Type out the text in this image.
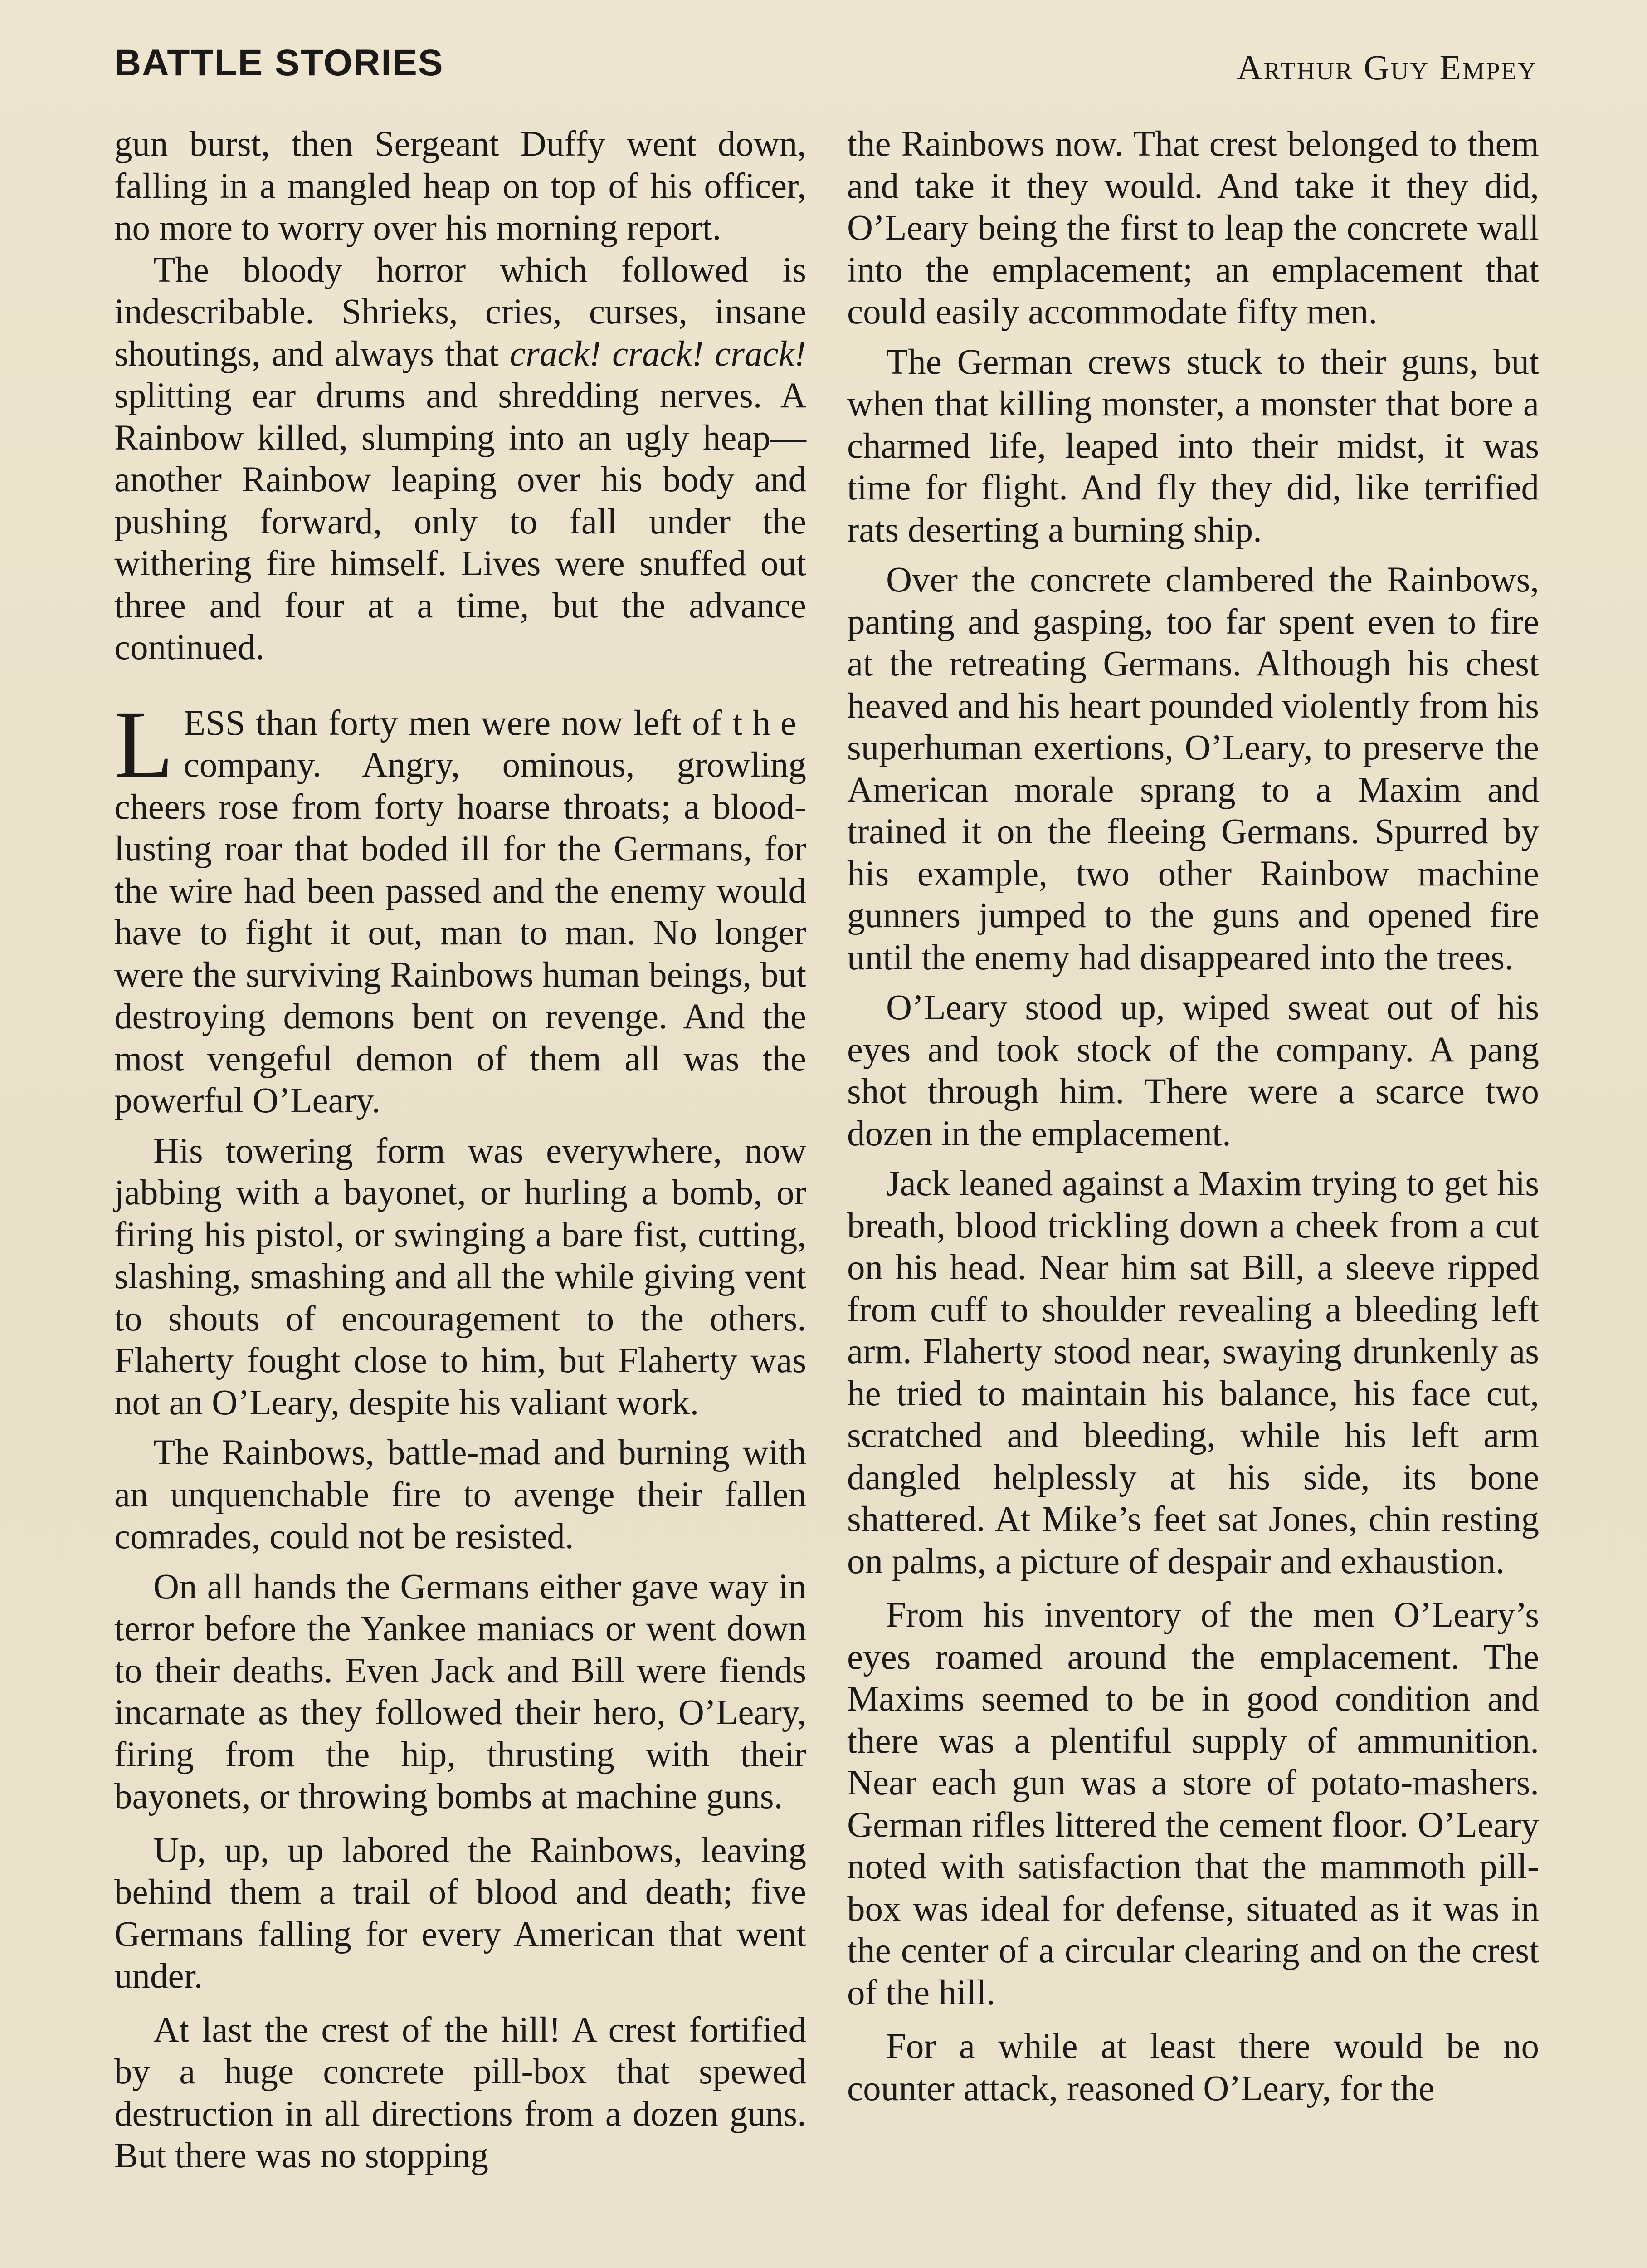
BATTLE STORIES	Arthur Guy Empey

gun burst, then Sergeant Duffy went down, falling in a mangled heap on top of his officer, no more to worry over his morning report.

The bloody horror which followed is indescribable. Shrieks, cries, curses, insane shoutings, and always that crack! crack! crack! splitting ear drums and shredding nerves. A Rainbow killed, slumping into an ugly heap—another Rainbow leaping over his body and pushing forward, only to fall under the withering fire himself. Lives were snuffed out three and four at a time, but the advance continued.

LESS than forty men were now left of the company. Angry, ominous, growling cheers rose from forty hoarse throats; a blood-lusting roar that boded ill for the Germans, for the wire had been passed and the enemy would have to fight it out, man to man. No longer were the surviving Rainbows human beings, but destroying demons bent on revenge. And the most vengeful demon of them all was the powerful O’Leary.

His towering form was everywhere, now jabbing with a bayonet, or hurling a bomb, or firing his pistol, or swinging a bare fist, cutting, slashing, smashing and all the while giving vent to shouts of encouragement to the others. Flaherty fought close to him, but Flaherty was not an O’Leary, despite his valiant work.

The Rainbows, battle-mad and burning with an unquenchable fire to avenge their fallen comrades, could not be resisted.

On all hands the Germans either gave way in terror before the Yankee maniacs or went down to their deaths. Even Jack and Bill were fiends incarnate as they followed their hero, O’Leary, firing from the hip, thrusting with their bayonets, or throwing bombs at machine guns.

Up, up, up labored the Rainbows, leaving behind them a trail of blood and death; five Germans falling for every American that went under.

At last the crest of the hill! A crest fortified by a huge concrete pill-box that spewed destruction in all directions from a dozen guns. But there was no stopping

the Rainbows now. That crest belonged to them and take it they would. And take it they did, O’Leary being the first to leap the concrete wall into the emplacement; an emplacement that could easily accommodate fifty men.

The German crews stuck to their guns, but when that killing monster, a monster that bore a charmed life, leaped into their midst, it was time for flight. And fly they did, like terrified rats deserting a burning ship.

Over the concrete clambered the Rainbows, panting and gasping, too far spent even to fire at the retreating Germans. Although his chest heaved and his heart pounded violently from his superhuman exertions, O’Leary, to preserve the American morale sprang to a Maxim and trained it on the fleeing Germans. Spurred by his example, two other Rainbow machine gunners jumped to the guns and opened fire until the enemy had disappeared into the trees.

O’Leary stood up, wiped sweat out of his eyes and took stock of the company. A pang shot through him. There were a scarce two dozen in the emplacement.

Jack leaned against a Maxim trying to get his breath, blood trickling down a cheek from a cut on his head. Near him sat Bill, a sleeve ripped from cuff to shoulder revealing a bleeding left arm. Flaherty stood near, swaying drunkenly as he tried to maintain his balance, his face cut, scratched and bleeding, while his left arm dangled helplessly at his side, its bone shattered. At Mike’s feet sat Jones, chin resting on palms, a picture of despair and exhaustion.

From his inventory of the men O’Leary’s eyes roamed around the emplacement. The Maxims seemed to be in good condition and there was a plentiful supply of ammunition. Near each gun was a store of potato-mashers. German rifles littered the cement floor. O’Leary noted with satisfaction that the mammoth pill-box was ideal for defense, situated as it was in the center of a circular clearing and on the crest of the hill.

For a while at least there would be no counter attack, reasoned O’Leary, for the
